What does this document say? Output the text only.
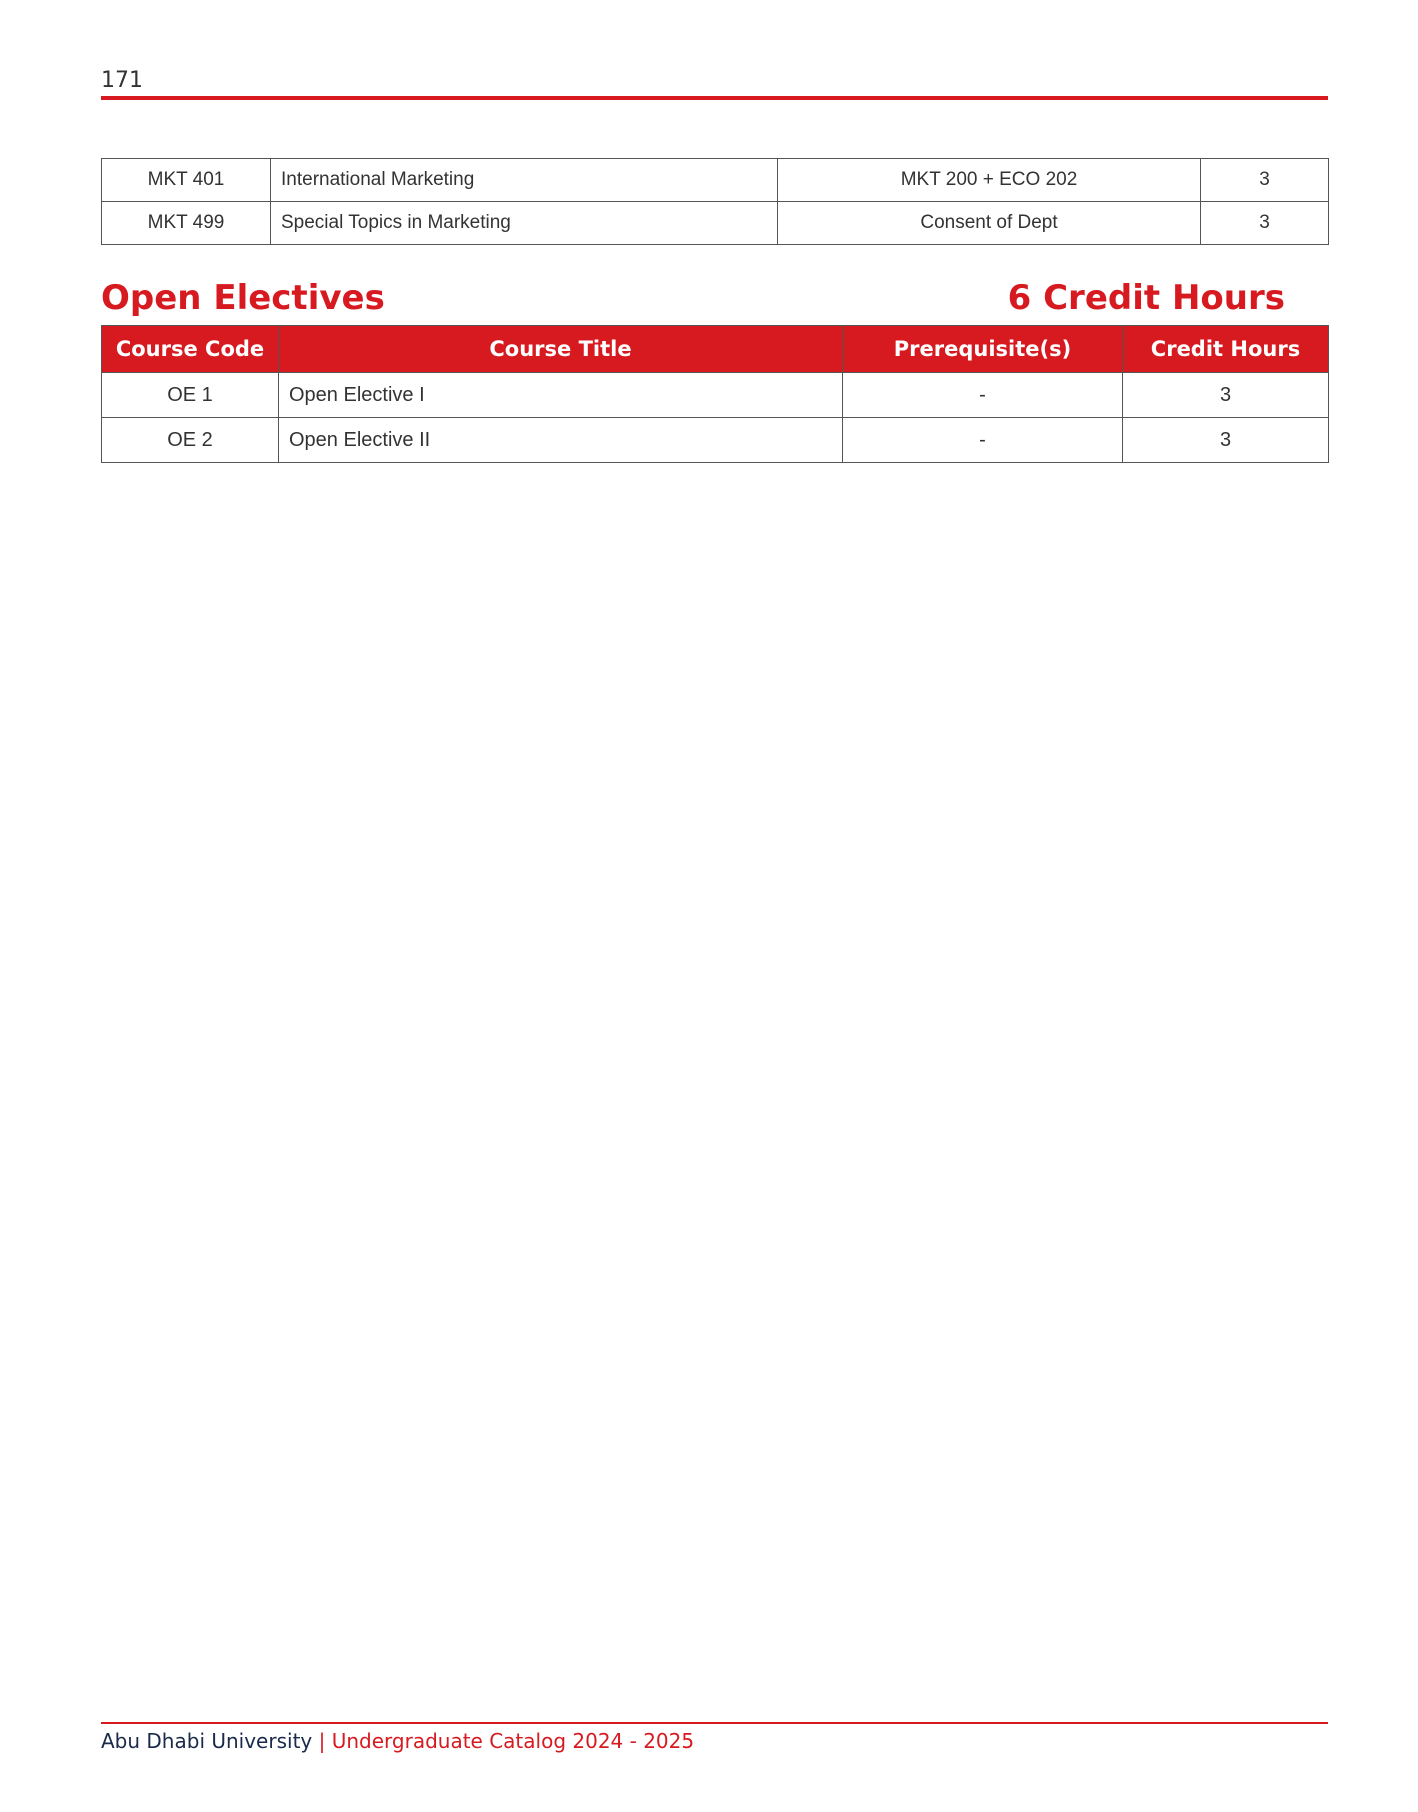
171
MKT 401	International Marketing	MKT 200 + ECO 202	3
MKT 499	Special Topics in Marketing	Consent of Dept	3
Open Electives	6 Credit Hours
Course Code	Course Title	Prerequisite(s)	Credit Hours
OE 1	Open Elective I	-	3
OE 2	Open Elective II	-	3
Abu Dhabi University | Undergraduate Catalog 2024 - 2025
